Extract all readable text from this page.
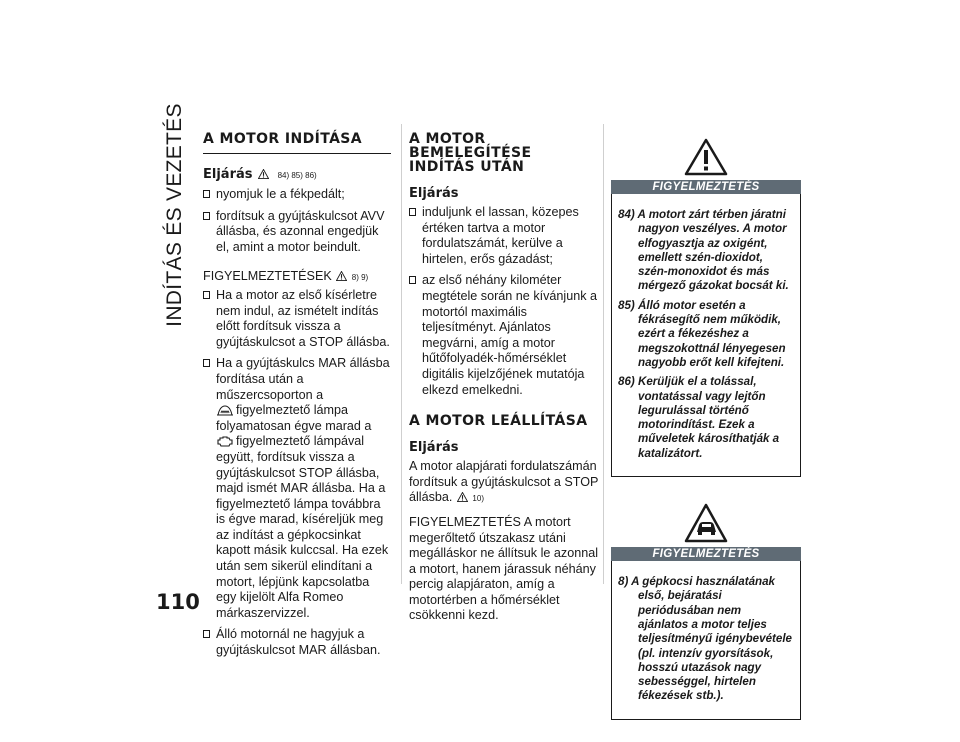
INDÍTÁS ÉS VEZETÉS
110
A MOTOR INDÍTÁSA
Eljárás	84) 85) 86)
nyomjuk le a fékpedált;
fordítsuk a gyújtáskulcsot AVV állásba, és azonnal engedjük el, amint a motor beindult.

FIGYELMEZTETÉSEK	8) 9)

Ha a motor az első kísérletre nem indul, az ismételt indítás előtt fordítsuk vissza a gyújtáskulcsot a STOP állásba.
Ha a gyújtáskulcs MAR állásba fordítása után a műszercsoporton a
figyelmeztető lámpa folyamatosan égve marad a
figyelmeztető lámpával együtt, fordítsuk vissza a gyújtáskulcsot STOP állásba, majd ismét MAR állásba. Ha a figyelmeztető lámpa továbbra is égve marad, kíséreljük meg az indítást a gépkocsinkat kapott másik kulccsal. Ha ezek után sem sikerül elindítani a motort, lépjünk kapcsolatba egy kijelölt Alfa Romeo márkaszervizzel.
Álló motornál ne hagyjuk a gyújtáskulcsot MAR állásban.
A MOTOR BEMELEGÍTÉSE INDÍTÁS UTÁN
Eljárás
induljunk el lassan, közepes értéken tartva a motor fordulatszámát, kerülve a hirtelen, erős gázadást;
az első néhány kilométer megtétele során ne kívánjunk a motortól maximális teljesítményt. Ajánlatos megvárni, amíg a motor hűtőfolyadék-hőmérséklet digitális kijelzőjének mutatója elkezd emelkedni.
A MOTOR LEÁLLÍTÁSA
Eljárás

A motor alapjárati fordulatszámán fordítsuk a gyújtáskulcsot a STOP állásba.	10)

FIGYELMEZTETÉS A motort megerőltető útszakasz utáni megálláskor ne állítsuk le azonnal a motort, hanem járassuk néhány percig alapjáraton, amíg a motortérben a hőmérséklet csökkenni kezd.

FIGYELMEZTETÉS
84) A motort zárt térben járatni nagyon veszélyes. A motor elfogyasztja az oxigént, emellett szén-dioxidot, szén-monoxidot és más mérgező gázokat bocsát ki.
85) Álló motor esetén a fékrásegítő nem működik, ezért a fékezéshez a megszokottnál lényegesen nagyobb erőt kell kifejteni.
86) Kerüljük el a tolással, vontatással vagy lejtőn legurulással történő motorindítást. Ezek a műveletek károsíthatják a katalizátort.
FIGYELMEZTETÉS
8) A gépkocsi használatának első, bejáratási periódusában nem ajánlatos a motor teljes teljesítményű igénybevétele (pl. intenzív gyorsítások, hosszú utazások nagy sebességgel, hirtelen fékezések stb.).
